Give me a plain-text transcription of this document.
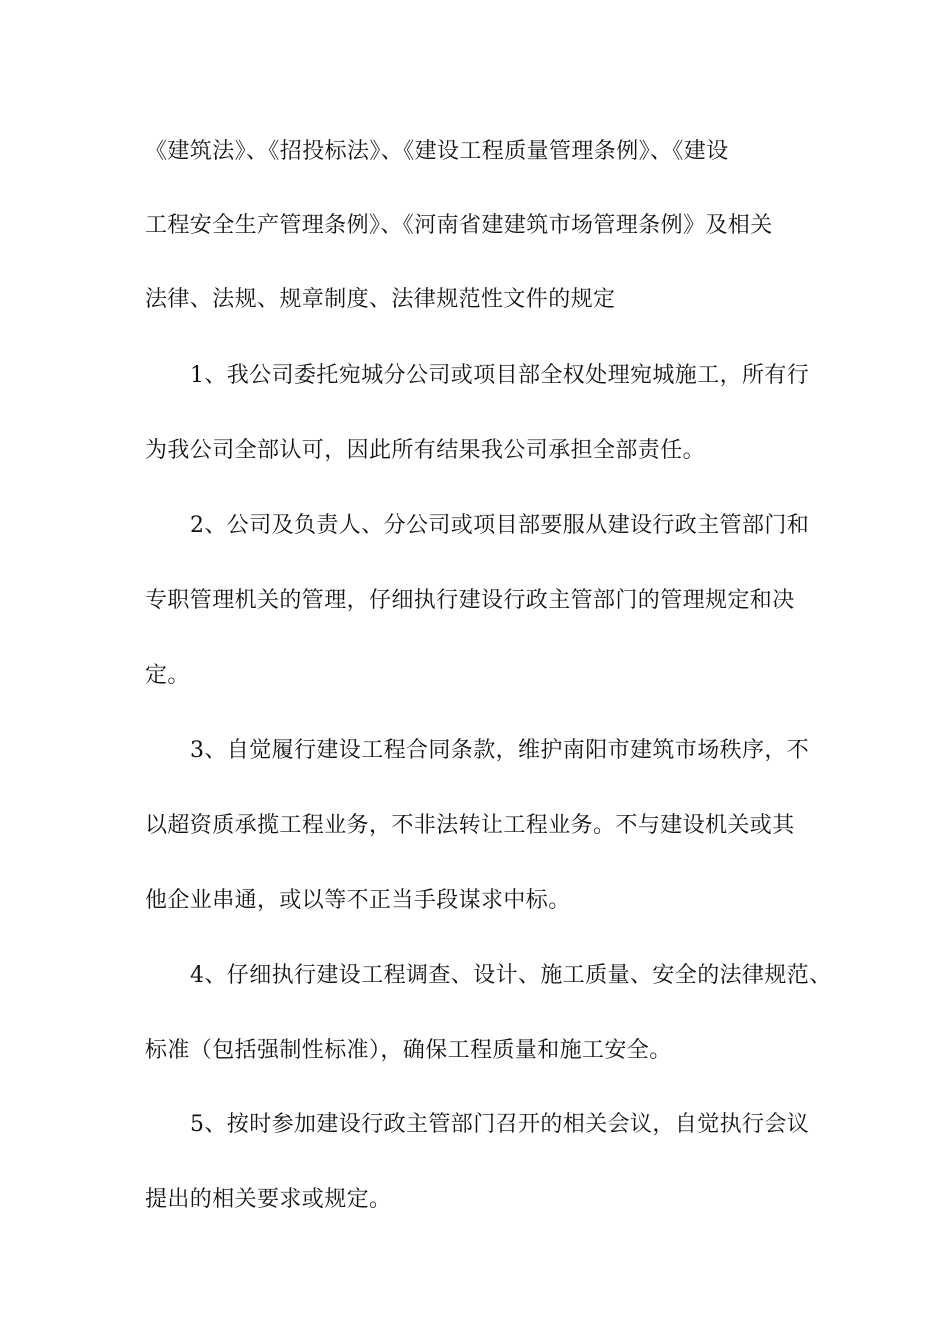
《建筑法》、《招投标法》、《建设工程质量管理条例》、《建设
工程安全生产管理条例》、《河南省建建筑市场管理条例》及相关
法律、法规、规章制度、法律规范性文件的规定
1、我公司委托宛城分公司或项目部全权处理宛城施工，所有行
为我公司全部认可，因此所有结果我公司承担全部责任。
2、公司及负责人、分公司或项目部要服从建设行政主管部门和
专职管理机关的管理，仔细执行建设行政主管部门的管理规定和决
定。
3、自觉履行建设工程合同条款，维护南阳市建筑市场秩序，不
以超资质承揽工程业务，不非法转让工程业务。不与建设机关或其
他企业串通，或以等不正当手段谋求中标。
4、仔细执行建设工程调查、设计、施工质量、安全的法律规范、
标准（包括强制性标准），确保工程质量和施工安全。
5、按时参加建设行政主管部门召开的相关会议，自觉执行会议
提出的相关要求或规定。
